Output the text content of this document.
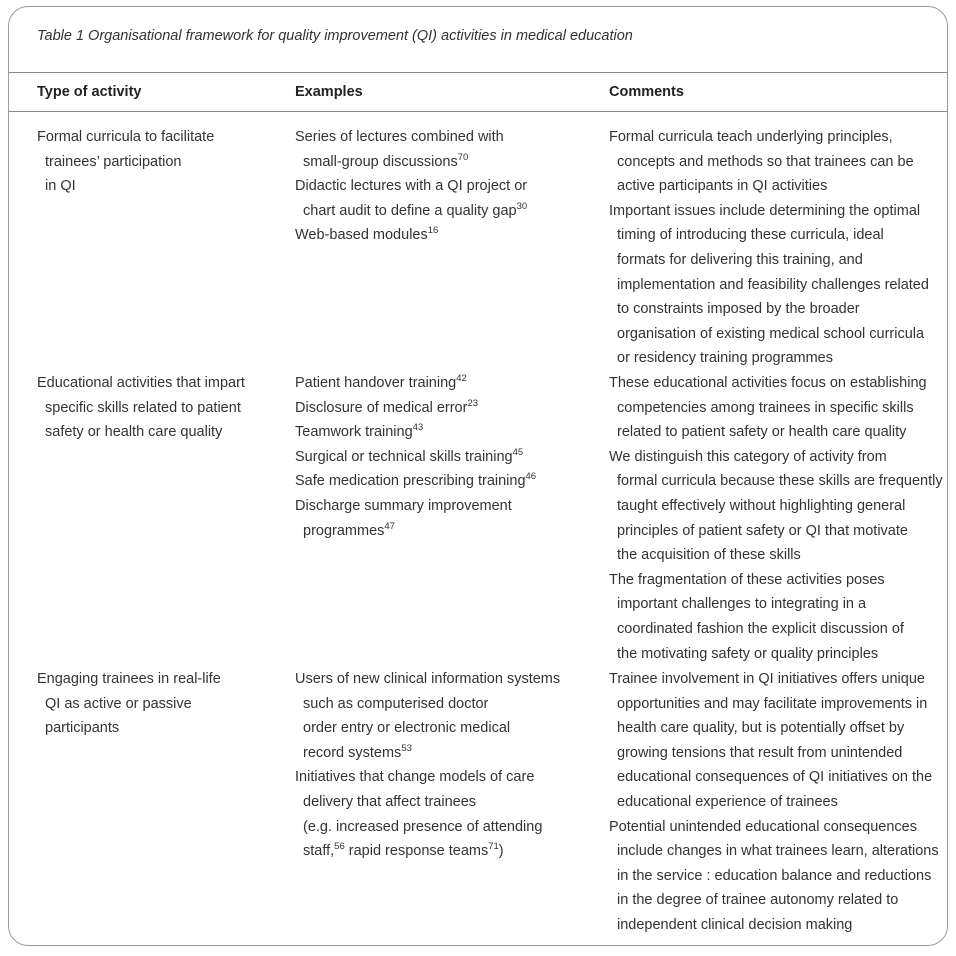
Table 1 Organisational framework for quality improvement (QI) activities in medical education
Type of activity	Examples	Comments
Formal curricula to facilitate
trainees’ participation
in QI
Series of lectures combined with
small-group discussions$^{70}$
Didactic lectures with a QI project or
chart audit to define a quality gap$^{30}$
Web-based modules$^{16}$
Formal curricula teach underlying principles,
concepts and methods so that trainees can be
active participants in QI activities
Important issues include determining the optimal
timing of introducing these curricula, ideal
formats for delivering this training, and
implementation and feasibility challenges related
to constraints imposed by the broader
organisation of existing medical school curricula
or residency training programmes
Educational activities that impart
specific skills related to patient
safety or health care quality
Patient handover training$^{42}$
Disclosure of medical error$^{23}$
Teamwork training$^{43}$
Surgical or technical skills training$^{45}$
Safe medication prescribing training$^{46}$
Discharge summary improvement
programmes$^{47}$
These educational activities focus on establishing
competencies among trainees in specific skills
related to patient safety or health care quality
We distinguish this category of activity from
formal curricula because these skills are frequently
taught effectively without highlighting general
principles of patient safety or QI that motivate
the acquisition of these skills
The fragmentation of these activities poses
important challenges to integrating in a
coordinated fashion the explicit discussion of
the motivating safety or quality principles
Engaging trainees in real-life
QI as active or passive
participants
Users of new clinical information systems
such as computerised doctor
order entry or electronic medical
record systems$^{53}$
Initiatives that change models of care
delivery that affect trainees
(e.g. increased presence of attending
staff,$^{56}$ rapid response teams$^{71}$)
Trainee involvement in QI initiatives offers unique
opportunities and may facilitate improvements in
health care quality, but is potentially offset by
growing tensions that result from unintended
educational consequences of QI initiatives on the
educational experience of trainees
Potential unintended educational consequences
include changes in what trainees learn, alterations
in the service : education balance and reductions
in the degree of trainee autonomy related to
independent clinical decision making
